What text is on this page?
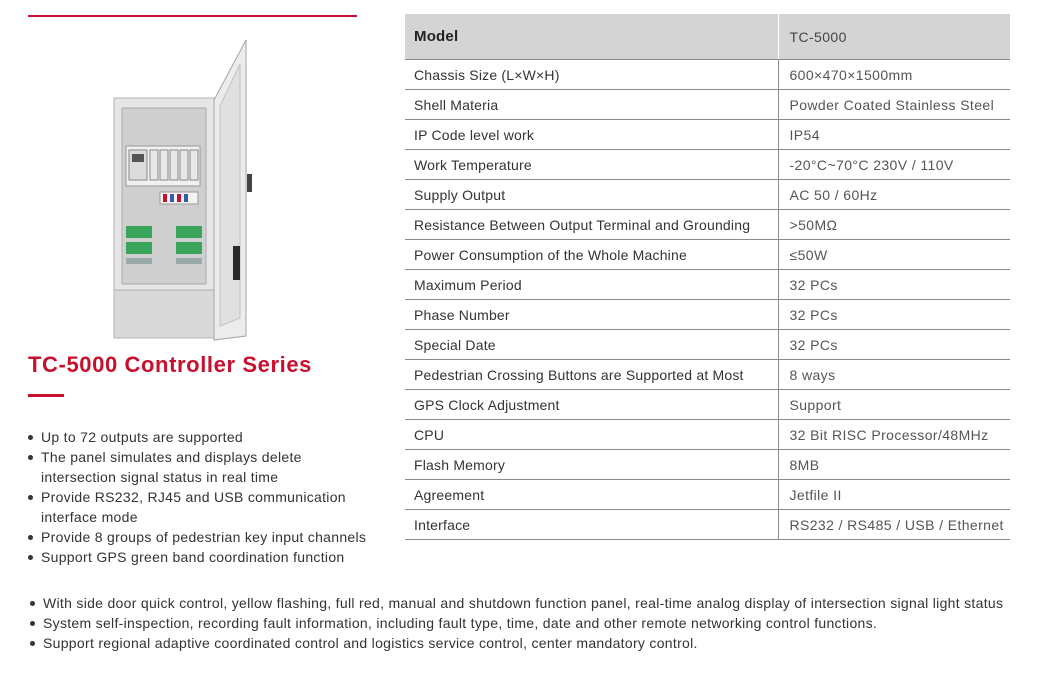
TC-5000 Controller Series
Up to 72 outputs are supported
The panel simulates and displays delete intersection signal status in real time
Provide RS232, RJ45 and USB communication interface mode
Provide 8 groups of pedestrian key input channels
Support GPS green band coordination function
With side door quick control, yellow flashing, full red, manual and shutdown function panel, real-time analog display of intersection signal light status
System self-inspection, recording fault information, including fault type, time, date and other remote networking control functions.
Support regional adaptive coordinated control and logistics service control, center mandatory control.
Model	TC-5000
Chassis Size (L×W×H)	600×470×1500mm
Shell Materia	Powder Coated Stainless Steel
IP Code level work	IP54
Work Temperature	-20°C~70°C 230V / 110V
Supply Output	AC 50 / 60Hz
Resistance Between Output Terminal and Grounding	>50MΩ
Power Consumption of the Whole Machine	≤50W
Maximum Period	32 PCs
Phase Number	32 PCs
Special Date	32 PCs
Pedestrian Crossing Buttons are Supported at Most	8 ways
GPS Clock Adjustment	Support
CPU	32 Bit RISC Processor/48MHz
Flash Memory	8MB
Agreement	Jetfile II
Interface	RS232 / RS485 / USB / Ethernet
